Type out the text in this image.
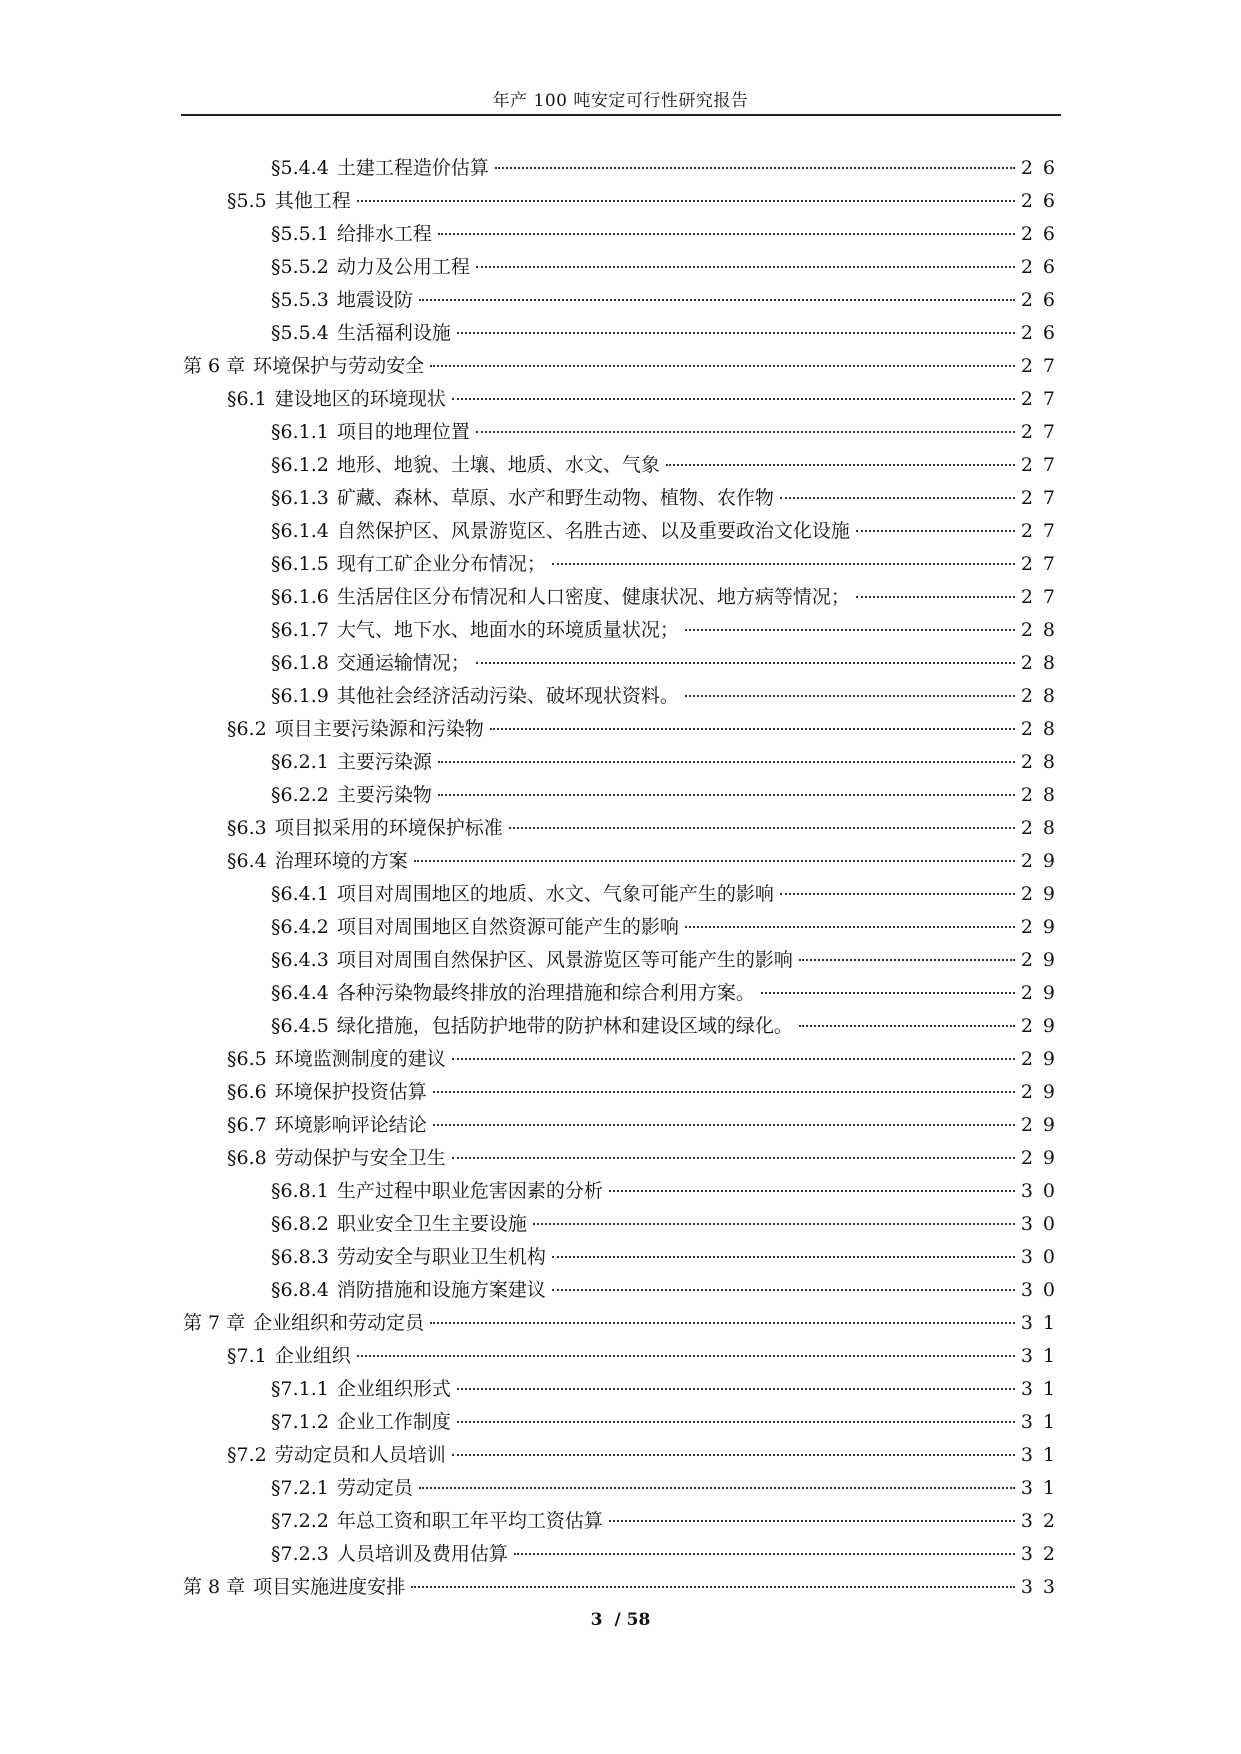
年产 100 吨安定可行性研究报告
§5.4.4 土建工程造价估算	26
§5.5 其他工程	26
§5.5.1 给排水工程	26
§5.5.2 动力及公用工程	26
§5.5.3 地震设防	26
§5.5.4 生活福利设施	26
第 6 章 环境保护与劳动安全	27
§6.1 建设地区的环境现状	27
§6.1.1 项目的地理位置	27
§6.1.2 地形、地貌、土壤、地质、水文、气象	27
§6.1.3 矿藏、森林、草原、水产和野生动物、植物、农作物	27
§6.1.4 自然保护区、风景游览区、名胜古迹、以及重要政治文化设施	27
§6.1.5 现有工矿企业分布情况；	27
§6.1.6 生活居住区分布情况和人口密度、健康状况、地方病等情况；	27
§6.1.7 大气、地下水、地面水的环境质量状况；	28
§6.1.8 交通运输情况；	28
§6.1.9 其他社会经济活动污染、破坏现状资料。	28
§6.2 项目主要污染源和污染物	28
§6.2.1 主要污染源	28
§6.2.2 主要污染物	28
§6.3 项目拟采用的环境保护标准	28
§6.4 治理环境的方案	29
§6.4.1 项目对周围地区的地质、水文、气象可能产生的影响	29
§6.4.2 项目对周围地区自然资源可能产生的影响	29
§6.4.3 项目对周围自然保护区、风景游览区等可能产生的影响	29
§6.4.4 各种污染物最终排放的治理措施和综合利用方案。	29
§6.4.5 绿化措施，包括防护地带的防护林和建设区域的绿化。	29
§6.5 环境监测制度的建议	29
§6.6 环境保护投资估算	29
§6.7 环境影响评论结论	29
§6.8 劳动保护与安全卫生	29
§6.8.1 生产过程中职业危害因素的分析	30
§6.8.2 职业安全卫生主要设施	30
§6.8.3 劳动安全与职业卫生机构	30
§6.8.4 消防措施和设施方案建议	30
第 7 章 企业组织和劳动定员	31
§7.1 企业组织	31
§7.1.1 企业组织形式	31
§7.1.2 企业工作制度	31
§7.2 劳动定员和人员培训	31
§7.2.1 劳动定员	31
§7.2.2 年总工资和职工年平均工资估算	32
§7.2.3 人员培训及费用估算	32
第 8 章 项目实施进度安排	33
3 / 58
